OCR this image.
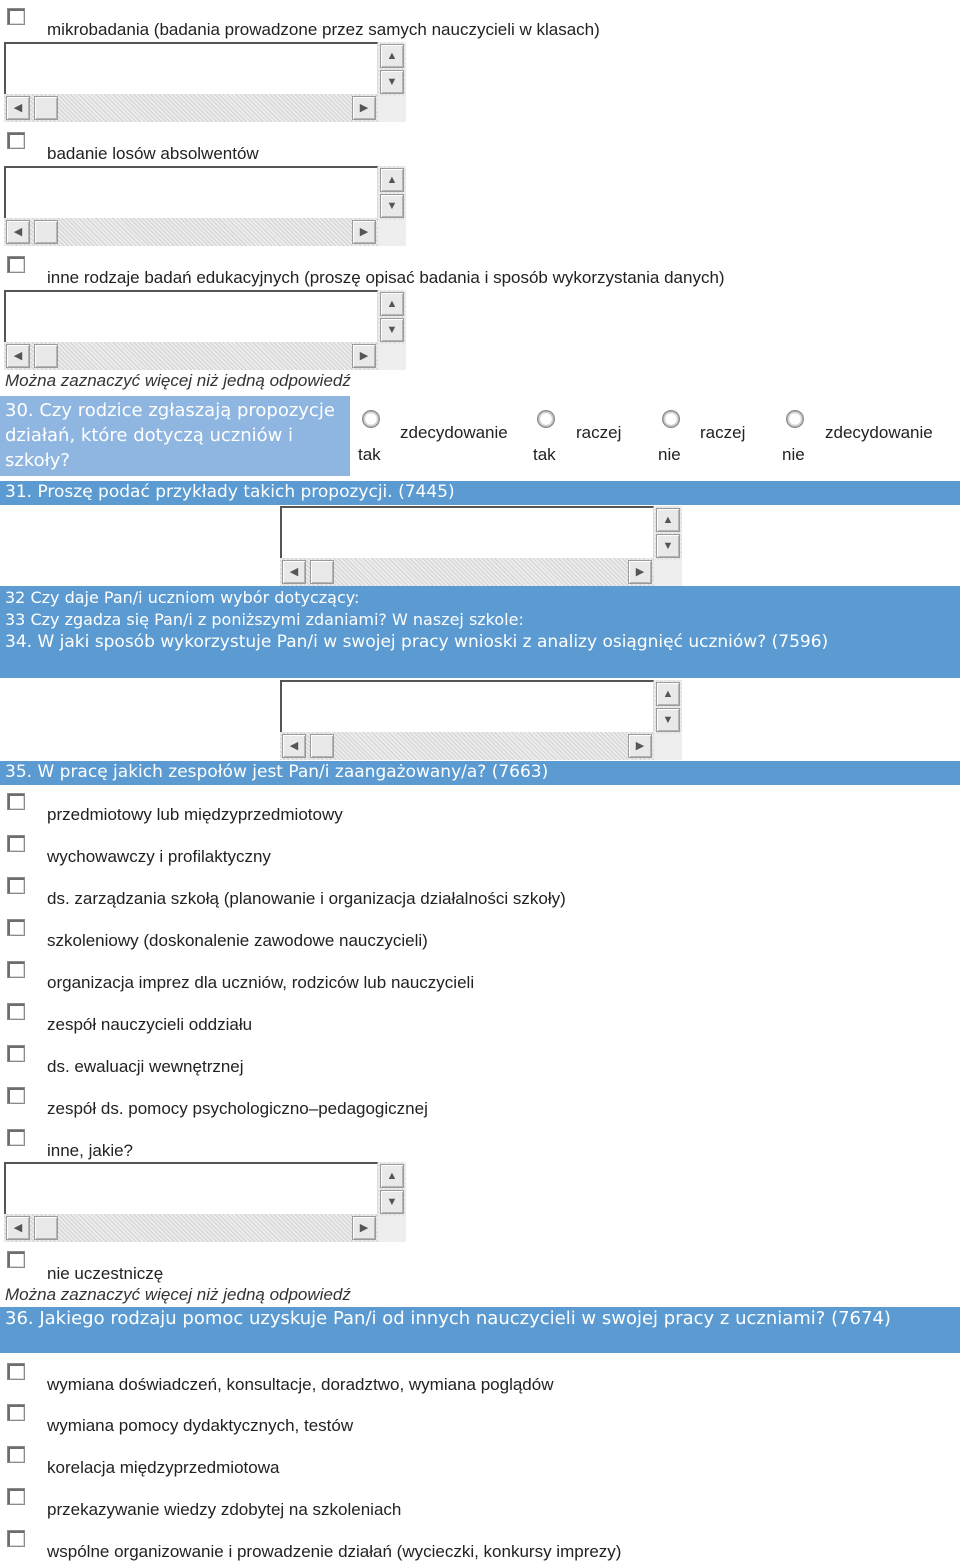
mikrobadania (badania prowadzone przez samych nauczycieli w klasach)
▲
▼
◀	▶
badanie losów absolwentów
▲
▼
◀	▶
inne rodzaje badań edukacyjnych (proszę opisać badania i sposób wykorzystania danych)
▲
▼
◀	▶
Można zaznaczyć więcej niż jedną odpowiedź
30. Czy rodzice zgłaszają propozycje działań, które dotyczą uczniów i szkoły?
zdecydowanie
tak
raczej
tak
raczej
nie
zdecydowanie
nie
31. Proszę podać przykłady takich propozycji. (7445)
▲
▼
◀	▶
32 Czy daje Pan/i uczniom wybór dotyczący:
33 Czy zgadza się Pan/i z poniższymi zdaniami? W naszej szkole:
34. W jaki sposób wykorzystuje Pan/i w swojej pracy wnioski z analizy osiągnięć uczniów? (7596)
▲
▼
◀	▶
35. W pracę jakich zespołów jest Pan/i zaangażowany/a? (7663)
przedmiotowy lub międzyprzedmiotowy
wychowawczy i profilaktyczny
ds. zarządzania szkołą (planowanie i organizacja działalności szkoły)
szkoleniowy (doskonalenie zawodowe nauczycieli)
organizacja imprez dla uczniów, rodziców lub nauczycieli
zespół nauczycieli oddziału
ds. ewaluacji wewnętrznej
zespół ds. pomocy psychologiczno–pedagogicznej
inne, jakie?
▲
▼
◀	▶
nie uczestniczę
Można zaznaczyć więcej niż jedną odpowiedź
36. Jakiego rodzaju pomoc uzyskuje Pan/i od innych nauczycieli w swojej pracy z uczniami? (7674)
wymiana doświadczeń, konsultacje, doradztwo, wymiana poglądów
wymiana pomocy dydaktycznych, testów
korelacja międzyprzedmiotowa
przekazywanie wiedzy zdobytej na szkoleniach
wspólne organizowanie i prowadzenie działań (wycieczki, konkursy imprezy)
